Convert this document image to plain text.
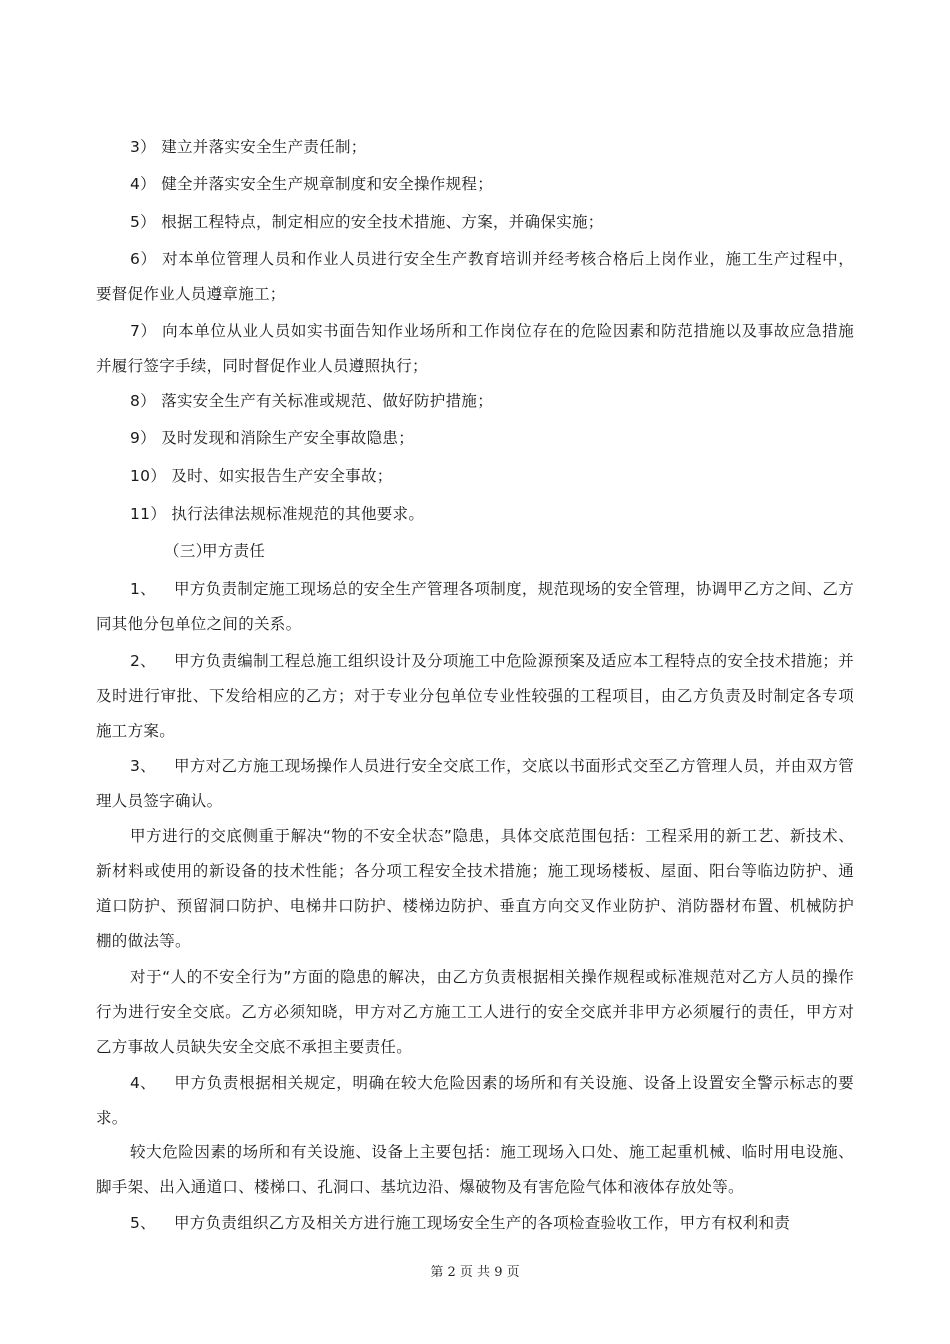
3） 建立并落实安全生产责任制；

4） 健全并落实安全生产规章制度和安全操作规程；

5） 根据工程特点，制定相应的安全技术措施、方案，并确保实施；

6） 对本单位管理人员和作业人员进行安全生产教育培训并经考核合格后上岗作业，施工生产过程中，要督促作业人员遵章施工；

7） 向本单位从业人员如实书面告知作业场所和工作岗位存在的危险因素和防范措施以及事故应急措施并履行签字手续，同时督促作业人员遵照执行；

8） 落实安全生产有关标准或规范、做好防护措施；

9） 及时发现和消除生产安全事故隐患；

10） 及时、如实报告生产安全事故；

11） 执行法律法规标准规范的其他要求。

（三）甲方责任

1、 甲方负责制定施工现场总的安全生产管理各项制度，规范现场的安全管理，协调甲乙方之间、乙方同其他分包单位之间的关系。

2、 甲方负责编制工程总施工组织设计及分项施工中危险源预案及适应本工程特点的安全技术措施；并及时进行审批、下发给相应的乙方；对于专业分包单位专业性较强的工程项目，由乙方负责及时制定各专项施工方案。

3、 甲方对乙方施工现场操作人员进行安全交底工作，交底以书面形式交至乙方管理人员，并由双方管理人员签字确认。

甲方进行的交底侧重于解决“物的不安全状态”隐患，具体交底范围包括：工程采用的新工艺、新技术、新材料或使用的新设备的技术性能；各分项工程安全技术措施；施工现场楼板、屋面、阳台等临边防护、通道口防护、预留洞口防护、电梯井口防护、楼梯边防护、垂直方向交叉作业防护、消防器材布置、机械防护棚的做法等。

对于“人的不安全行为”方面的隐患的解决，由乙方负责根据相关操作规程或标准规范对乙方人员的操作行为进行安全交底。乙方必须知晓，甲方对乙方施工工人进行的安全交底并非甲方必须履行的责任，甲方对乙方事故人员缺失安全交底不承担主要责任。

4、 甲方负责根据相关规定，明确在较大危险因素的场所和有关设施、设备上设置安全警示标志的要求。

较大危险因素的场所和有关设施、设备上主要包括：施工现场入口处、施工起重机械、临时用电设施、脚手架、出入通道口、楼梯口、孔洞口、基坑边沿、爆破物及有害危险气体和液体存放处等。

5、 甲方负责组织乙方及相关方进行施工现场安全生产的各项检查验收工作，甲方有权利和责

第 2 页 共 9 页
